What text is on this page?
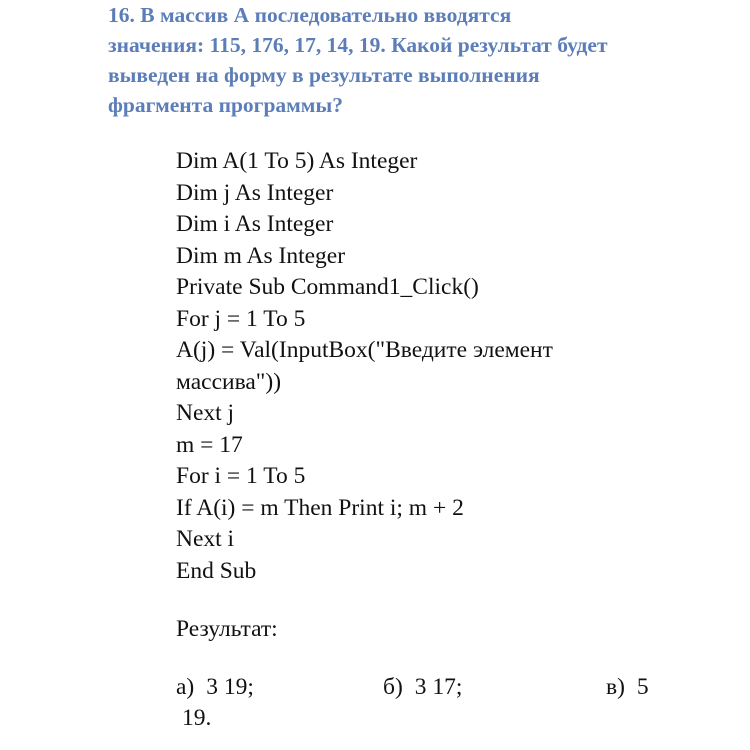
16. В массив А последовательно вводятся
значения: 115, 176, 17, 14, 19. Какой результат будет
выведен на форму в результате выполнения
фрагмента программы?
Dim A(1 To 5) As Integer
Dim j As Integer
Dim i As Integer
Dim m As Integer
Private Sub Command1_Click()
For j = 1 To 5
A(j) = Val(InputBox("Введите элемент
массива"))
Next j
m = 17
For i = 1 To 5
If A(i) = m Then Print i; m + 2
Next i
End Sub
Результат:
а) 3 19;	б) 3 17;	в) 5
19.
